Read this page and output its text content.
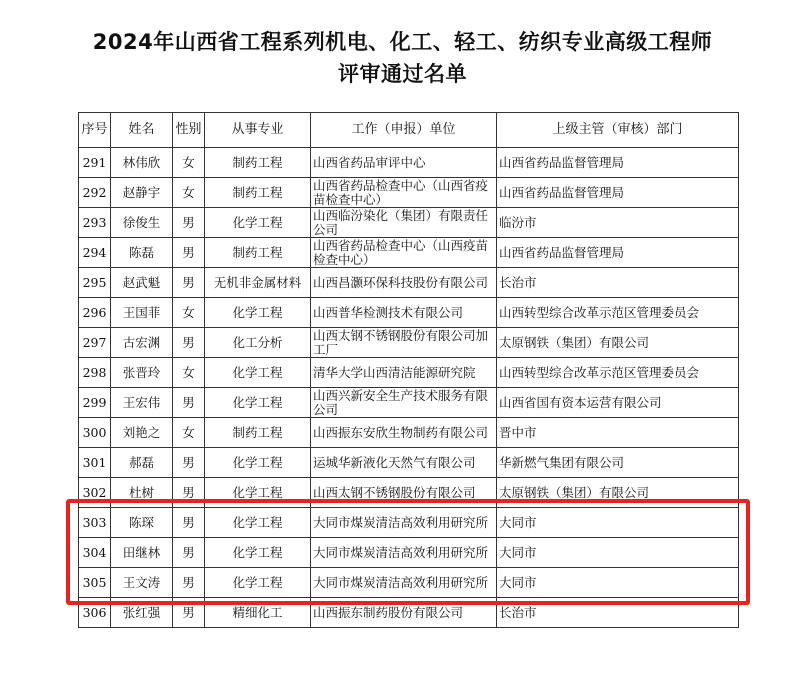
2024年山西省工程系列机电、化工、轻工、纺织专业高级工程师
评审通过名单
序号	姓名	性别	从事专业	工作（申报）单位	上级主管（审核）部门
291	林伟欣	女	制药工程	山西省药品审评中心	山西省药品监督管理局
292	赵静宇	女	制药工程	山西省药品检查中心（山西省疫苗检查中心）	山西省药品监督管理局
293	徐俊生	男	化学工程	山西临汾染化（集团）有限责任公司	临汾市
294	陈磊	男	制药工程	山西省药品检查中心（山西疫苗检查中心）	山西省药品监督管理局
295	赵武魁	男	无机非金属材料	山西昌灏环保科技股份有限公司	长治市
296	王国菲	女	化学工程	山西普华检测技术有限公司	山西转型综合改革示范区管理委员会
297	古宏渊	男	化工分析	山西太钢不锈钢股份有限公司加工厂	太原钢铁（集团）有限公司
298	张晋玲	女	化学工程	清华大学山西清洁能源研究院	山西转型综合改革示范区管理委员会
299	王宏伟	男	化学工程	山西兴新安全生产技术服务有限公司	山西省国有资本运营有限公司
300	刘艳之	女	制药工程	山西振东安欣生物制药有限公司	晋中市
301	郝磊	男	化学工程	运城华新液化天然气有限公司	华新燃气集团有限公司
302	杜树	男	化学工程	山西太钢不锈钢股份有限公司	太原钢铁（集团）有限公司
303	陈琛	男	化学工程	大同市煤炭清洁高效利用研究所	大同市
304	田继林	男	化学工程	大同市煤炭清洁高效利用研究所	大同市
305	王文涛	男	化学工程	大同市煤炭清洁高效利用研究所	大同市
306	张红强	男	精细化工	山西振东制药股份有限公司	长治市
